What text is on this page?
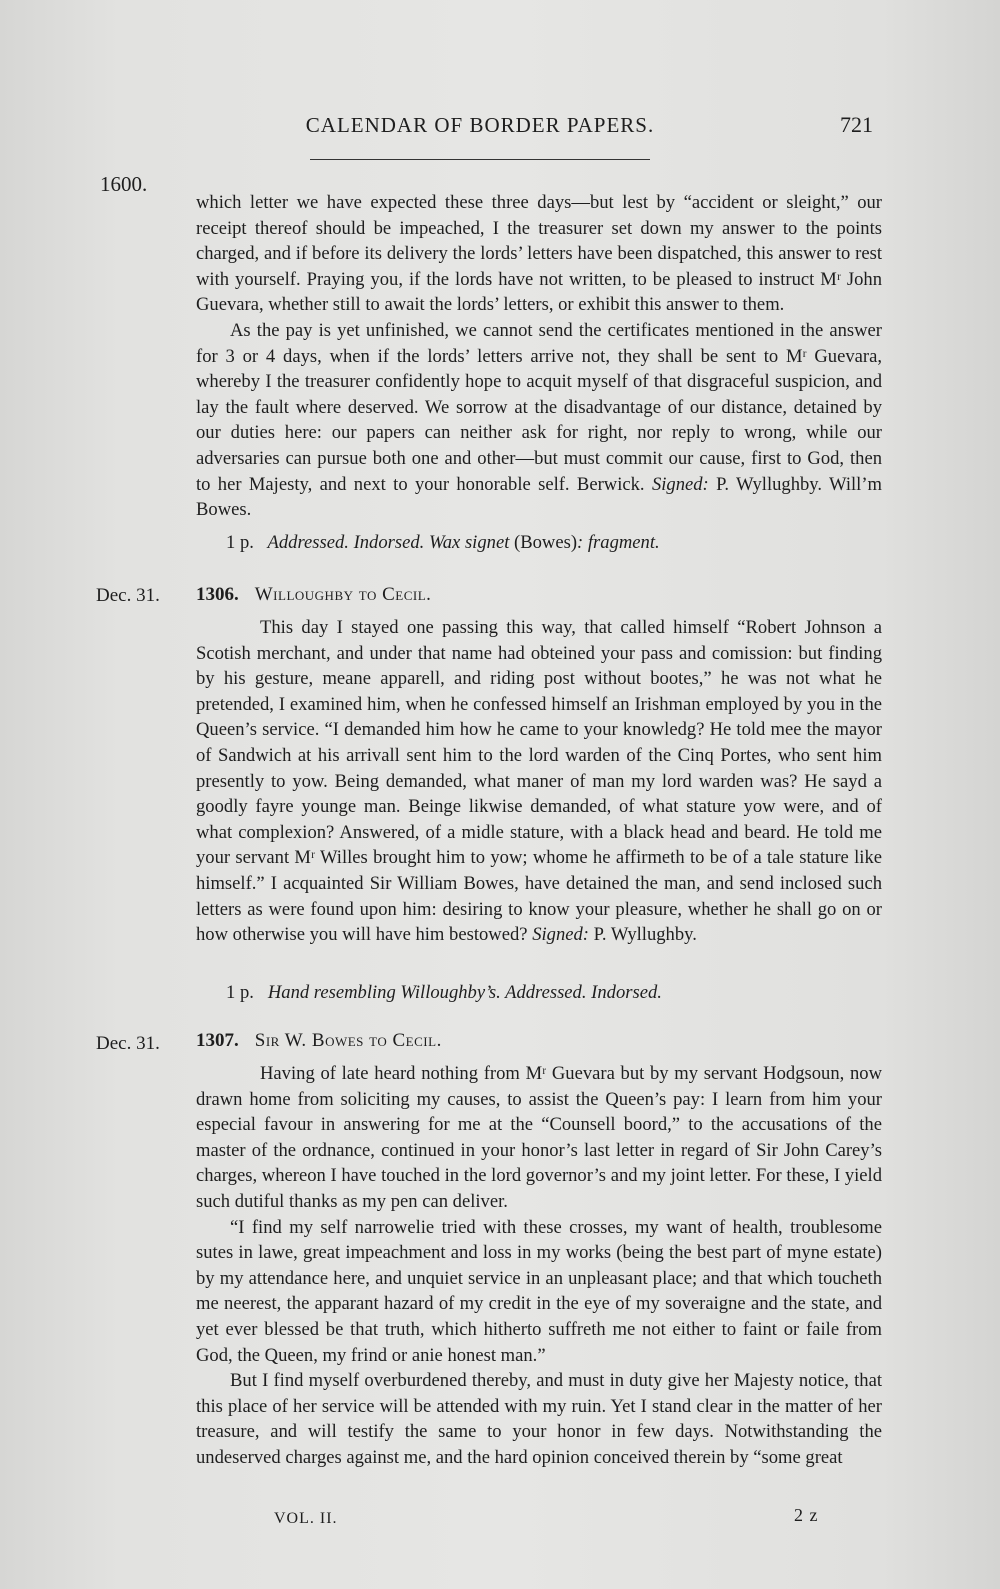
CALENDAR OF BORDER PAPERS.	721
1600.

which letter we have expected these three days—but lest by “accident or sleight,” our receipt thereof should be impeached, I the treasurer set down my answer to the points charged, and if before its delivery the lords’ letters have been dispatched, this answer to rest with yourself. Praying you, if the lords have not written, to be pleased to instruct Mʳ John Guevara, whether still to await the lords’ letters, or exhibit this answer to them.

As the pay is yet unfinished, we cannot send the certificates mentioned in the answer for 3 or 4 days, when if the lords’ letters arrive not, they shall be sent to Mʳ Guevara, whereby I the treasurer confidently hope to acquit myself of that disgraceful suspicion, and lay the fault where deserved. We sorrow at the disadvantage of our distance, detained by our duties here: our papers can neither ask for right, nor reply to wrong, while our adversaries can pursue both one and other—but must commit our cause, first to God, then to her Majesty, and next to your honorable self. Berwick. Signed: P. Wyllughby. Will’m Bowes.

1 p. Addressed. Indorsed. Wax signet (Bowes): fragment.
Dec. 31. 1306. Willoughby to Cecil.

This day I stayed one passing this way, that called himself “Robert Johnson a Scotish merchant, and under that name had obteined your pass and comission: but finding by his gesture, meane apparell, and riding post without bootes,” he was not what he pretended, I examined him, when he confessed himself an Irishman employed by you in the Queen’s service. “I demanded him how he came to your knowledg? He told mee the mayor of Sandwich at his arrivall sent him to the lord warden of the Cinq Portes, who sent him presently to yow. Being demanded, what maner of man my lord warden was? He sayd a goodly fayre younge man. Beinge likwise demanded, of what stature yow were, and of what complexion? Answered, of a midle stature, with a black head and beard. He told me your servant Mʳ Willes brought him to yow; whome he affirmeth to be of a tale stature like himself.” I acquainted Sir William Bowes, have detained the man, and send inclosed such letters as were found upon him: desiring to know your pleasure, whether he shall go on or how otherwise you will have him bestowed? Signed: P. Wyllughby.

1 p. Hand resembling Willoughby’s. Addressed. Indorsed.
Dec. 31. 1307. Sir W. Bowes to Cecil.

Having of late heard nothing from Mʳ Guevara but by my servant Hodgsoun, now drawn home from soliciting my causes, to assist the Queen’s pay: I learn from him your especial favour in answering for me at the “Counsell boord,” to the accusations of the master of the ordnance, continued in your honor’s last letter in regard of Sir John Carey’s charges, whereon I have touched in the lord governor’s and my joint letter. For these, I yield such dutiful thanks as my pen can deliver.

“I find my self narrowelie tried with these crosses, my want of health, troublesome sutes in lawe, great impeachment and loss in my works (being the best part of myne estate) by my attendance here, and unquiet service in an unpleasant place; and that which toucheth me neerest, the apparant hazard of my credit in the eye of my soveraigne and the state, and yet ever blessed be that truth, which hitherto suffreth me not either to faint or faile from God, the Queen, my frind or anie honest man.”

But I find myself overburdened thereby, and must in duty give her Majesty notice, that this place of her service will be attended with my ruin. Yet I stand clear in the matter of her treasure, and will testify the same to your honor in few days. Notwithstanding the undeserved charges against me, and the hard opinion conceived therein by “some great

VOL. II.	2 z
